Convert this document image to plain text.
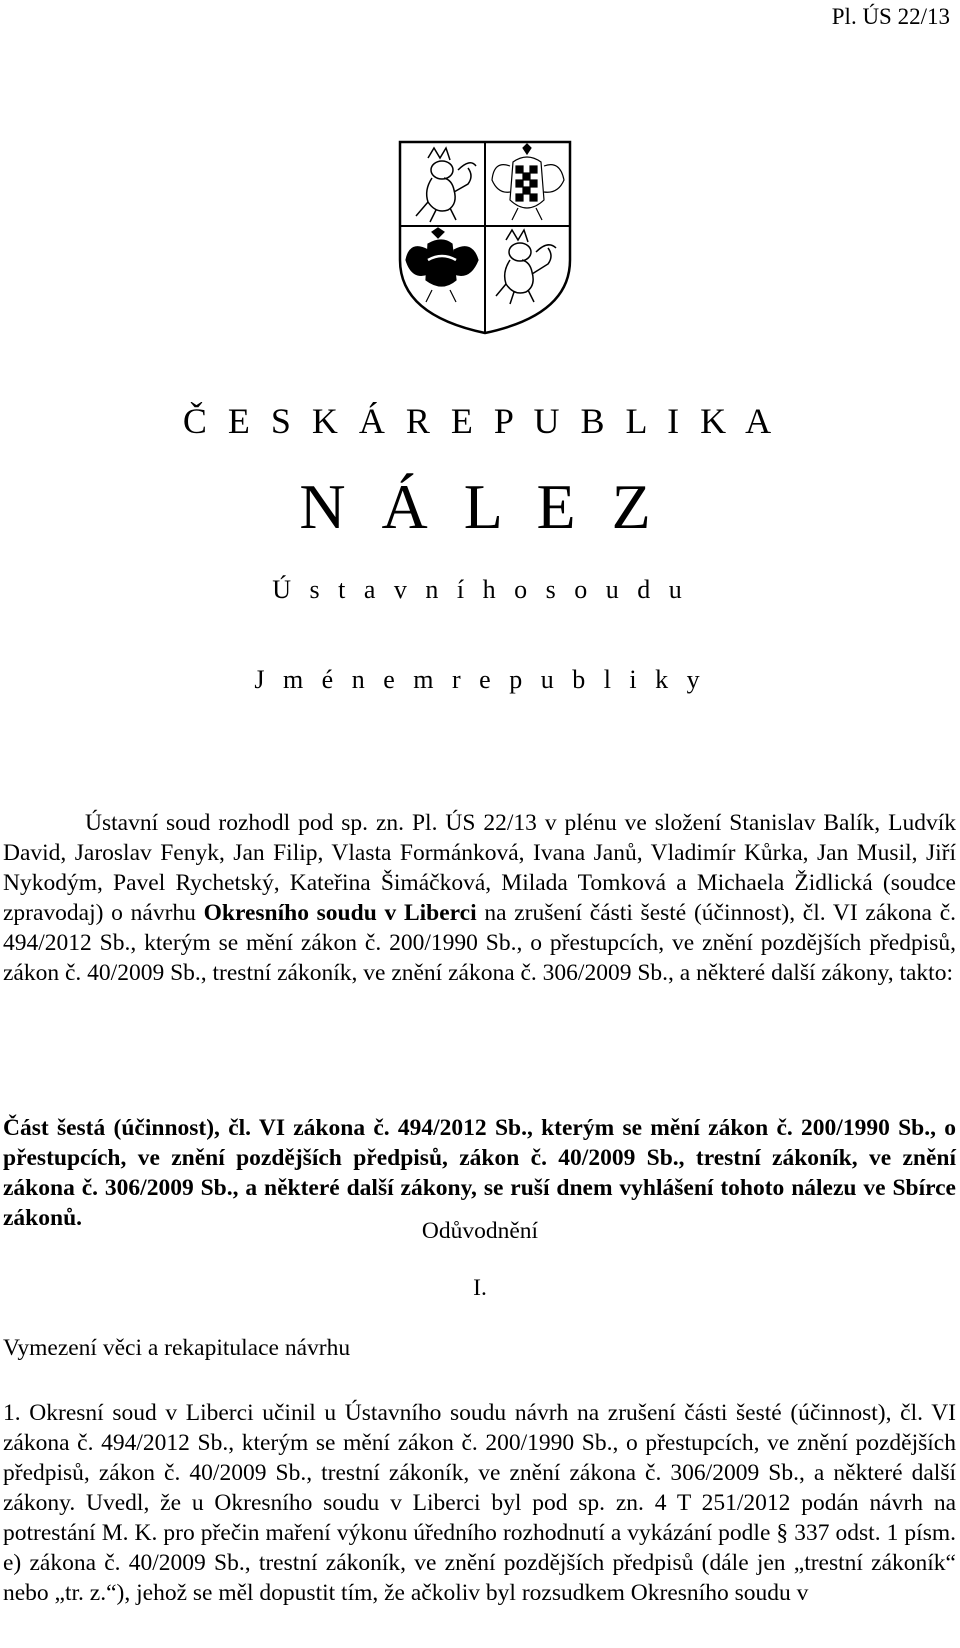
Pl. ÚS 22/13
Č E S K Á R E P U B L I K A
N Á L E Z
Ú s t a v n í h o s o u d u
J m é n e m r e p u b l i k y

Ústavní soud rozhodl pod sp. zn. Pl. ÚS 22/13 v plénu ve složení Stanislav Balík, Ludvík David, Jaroslav Fenyk, Jan Filip, Vlasta Formánková, Ivana Janů, Vladimír Kůrka, Jan Musil, Jiří Nykodým, Pavel Rychetský, Kateřina Šimáčková, Milada Tomková a Michaela Židlická (soudce zpravodaj) o návrhu Okresního soudu v Liberci na zrušení části šesté (účinnost), čl. VI zákona č. 494/2012 Sb., kterým se mění zákon č. 200/1990 Sb., o přestupcích, ve znění pozdějších předpisů, zákon č. 40/2009 Sb., trestní zákoník, ve znění zákona č. 306/2009 Sb., a některé další zákony, takto:

Část šestá (účinnost), čl. VI zákona č. 494/2012 Sb., kterým se mění zákon č. 200/1990 Sb., o přestupcích, ve znění pozdějších předpisů, zákon č. 40/2009 Sb., trestní zákoník, ve znění zákona č. 306/2009 Sb., a některé další zákony, se ruší dnem vyhlášení tohoto nálezu ve Sbírce zákonů.	Odůvodnění
I.
Vymezení věci a rekapitulace návrhu

1. Okresní soud v Liberci učinil u Ústavního soudu návrh na zrušení části šesté (účinnost), čl. VI zákona č. 494/2012 Sb., kterým se mění zákon č. 200/1990 Sb., o přestupcích, ve znění pozdějších předpisů, zákon č. 40/2009 Sb., trestní zákoník, ve znění zákona č. 306/2009 Sb., a některé další zákony. Uvedl, že u Okresního soudu v Liberci byl pod sp. zn. 4 T 251/2012 podán návrh na potrestání M. K. pro přečin maření výkonu úředního rozhodnutí a vykázání podle § 337 odst. 1 písm. e) zákona č. 40/2009 Sb., trestní zákoník, ve znění pozdějších předpisů (dále jen „trestní zákoník“ nebo „tr. z.“), jehož se měl dopustit tím, že ačkoliv byl rozsudkem Okresního soudu v
